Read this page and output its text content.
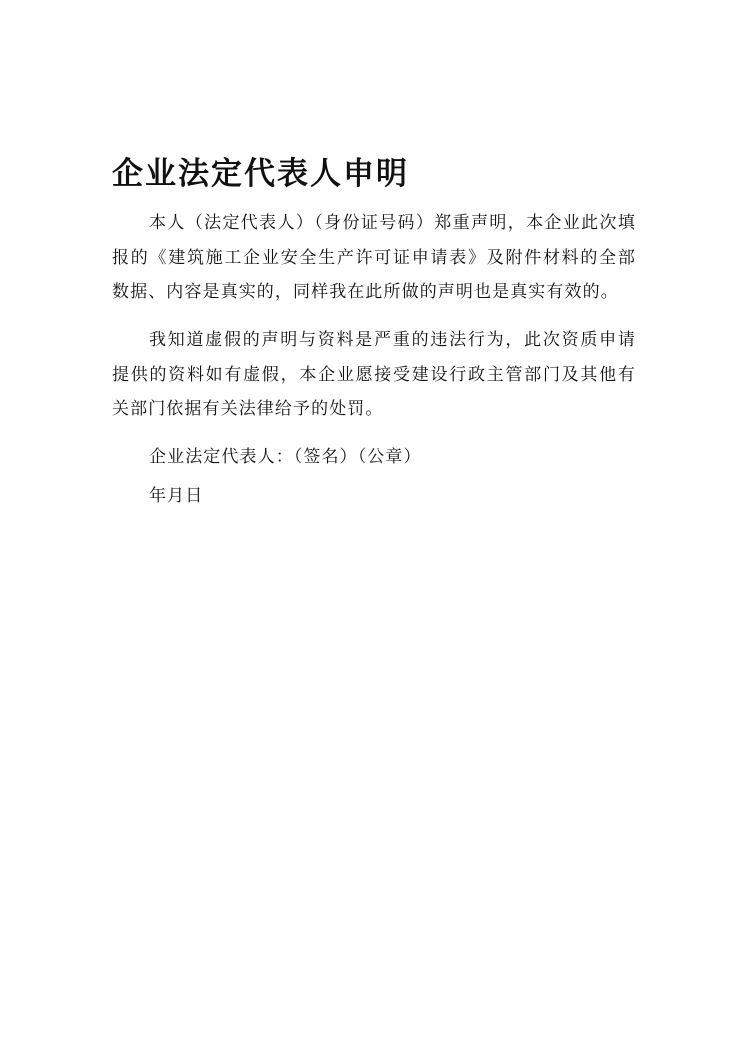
企业法定代表人申明

本人（法定代表人）（身份证号码）郑重声明，本企业此次填报的《建筑施工企业安全生产许可证申请表》及附件材料的全部数据、内容是真实的，同样我在此所做的声明也是真实有效的。

我知道虚假的声明与资料是严重的违法行为，此次资质申请提供的资料如有虚假，本企业愿接受建设行政主管部门及其他有关部门依据有关法律给予的处罚。

企业法定代表人：（签名）（公章）

年月日
